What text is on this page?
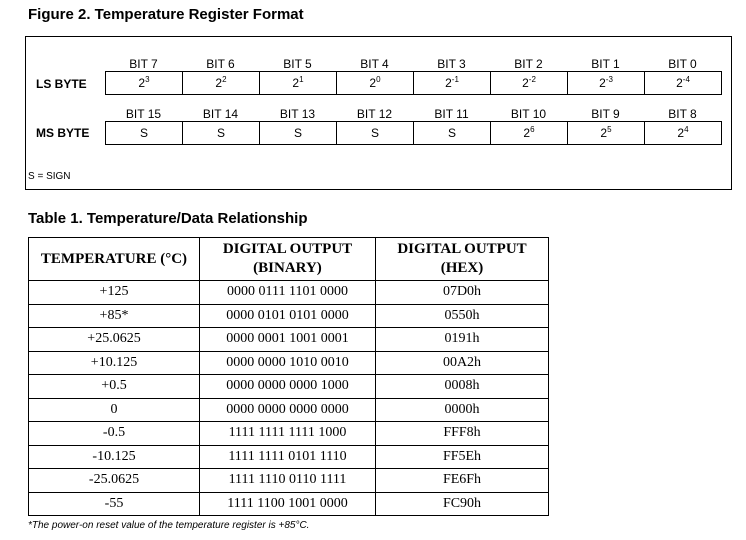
Figure 2. Temperature Register Format
BIT 7	BIT 6	BIT 5	BIT 4	BIT 3	BIT 2	BIT 1	BIT 0
LS BYTE	$2^3$	$2^2$	$2^1$	$2^0$	$2^{-1}$	$2^{-2}$	$2^{-3}$	$2^{-4}$
BIT 15	BIT 14	BIT 13	BIT 12	BIT 11	BIT 10	BIT 9	BIT 8
MS BYTE	S	S	S	S	S	$2^6$	$2^5$	$2^4$
S = SIGN
Table 1. Temperature/Data Relationship
TEMPERATURE (°C)	DIGITAL OUTPUT (BINARY)	DIGITAL OUTPUT (HEX)
+125	0000 0111 1101 0000	07D0h
+85*	0000 0101 0101 0000	0550h
+25.0625	0000 0001 1001 0001	0191h
+10.125	0000 0000 1010 0010	00A2h
+0.5	0000 0000 0000 1000	0008h
0	0000 0000 0000 0000	0000h
-0.5	1111 1111 1111 1000	FFF8h
-10.125	1111 1111 0101 1110	FF5Eh
-25.0625	1111 1110 0110 1111	FE6Fh
-55	1111 1100 1001 0000	FC90h
*The power-on reset value of the temperature register is +85°C.
